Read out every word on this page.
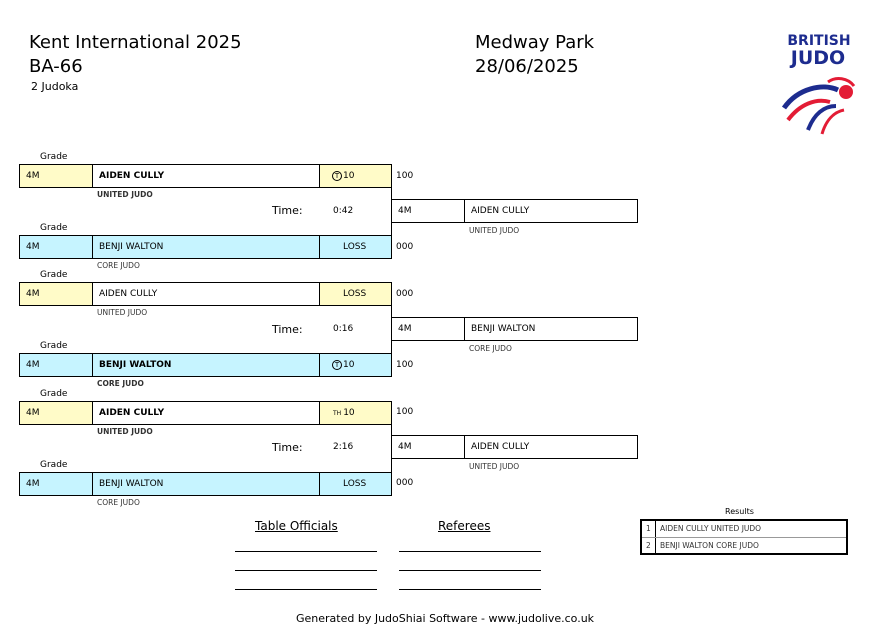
Kent International 2025
BA-66
2 Judoka
Medway Park
28/06/2025
BRITISH
JUDO
Grade
4M	AIDEN CULLY	T 10	100
UNITED JUDO
Time:	0:42
Grade
4M	BENJI WALTON	LOSS	000
CORE JUDO
4M	AIDEN CULLY
UNITED JUDO
Grade
4M	AIDEN CULLY	LOSS	000
UNITED JUDO
Time:	0:16
Grade
4M	BENJI WALTON	T 10	100
CORE JUDO
4M	BENJI WALTON
CORE JUDO
Grade
4M	AIDEN CULLY	TH 10	100
UNITED JUDO
Time:	2:16
Grade
4M	BENJI WALTON	LOSS	000
CORE JUDO
4M	AIDEN CULLY
UNITED JUDO
Results
1 AIDEN CULLY UNITED JUDO
2 BENJI WALTON CORE JUDO
Table Officials	Referees
Generated by JudoShiai Software - www.judolive.co.uk
